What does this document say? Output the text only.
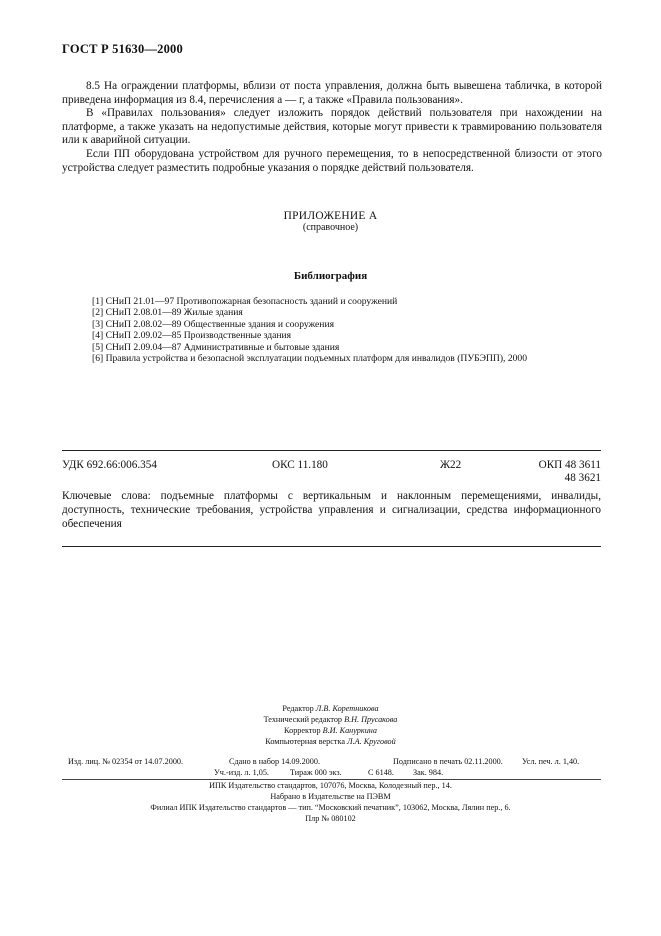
ГОСТ Р 51630—2000

8.5 На ограждении платформы, вблизи от поста управления, должна быть вывешена табличка, в которой приведена информация из 8.4, перечисления а — г, а также «Правила пользования».

В «Правилах пользования» следует изложить порядок действий пользователя при нахождении на платформе, а также указать на недопустимые действия, которые могут привести к травмированию пользователя или к аварийной ситуации.

Если ПП оборудована устройством для ручного перемещения, то в непосредственной близости от этого устройства следует разместить подробные указания о порядке действий пользователя.

ПРИЛОЖЕНИЕ А
(справочное)
Библиография
[1] СНиП 21.01—97 Противопожарная безопасность зданий и сооружений
[2] СНиП 2.08.01—89 Жилые здания
[3] СНиП 2.08.02—89 Общественные здания и сооружения
[4] СНиП 2.09.02—85 Производственные здания
[5] СНиП 2.09.04—87 Административные и бытовые здания
[6] Правила устройства и безопасной эксплуатации подъемных платформ для инвалидов (ПУБЭПП), 2000
УДК 692.66:006.354	ОКС 11.180	Ж22	ОКП 48 3611
48 3621
Ключевые слова: подъемные платформы с вертикальным и наклонным перемещениями, инвалиды, доступность, технические требования, устройства управления и сигнализации, средства информационного обеспечения
Редактор Л.В. Коретникова
Технический редактор В.Н. Прусакова
Корректор В.И. Кануркина
Компьютерная верстка Л.А. Круговой
Изд. лиц. № 02354 от 14.07.2000.	Сдано в набор 14.09.2000.	Подписано в печать 02.11.2000. Усл. печ. л. 1,40.
Уч.-изд. л. 1,05.	Тираж 000 экз.	С 6148. Зак. 984.
ИПК Издательство стандартов, 107076, Москва, Колодезный пер., 14.
Набрано в Издательстве на ПЭВМ
Филиал ИПК Издательство стандартов — тип. “Московский печатник”, 103062, Москва, Лялин пер., 6.
Плр № 080102
